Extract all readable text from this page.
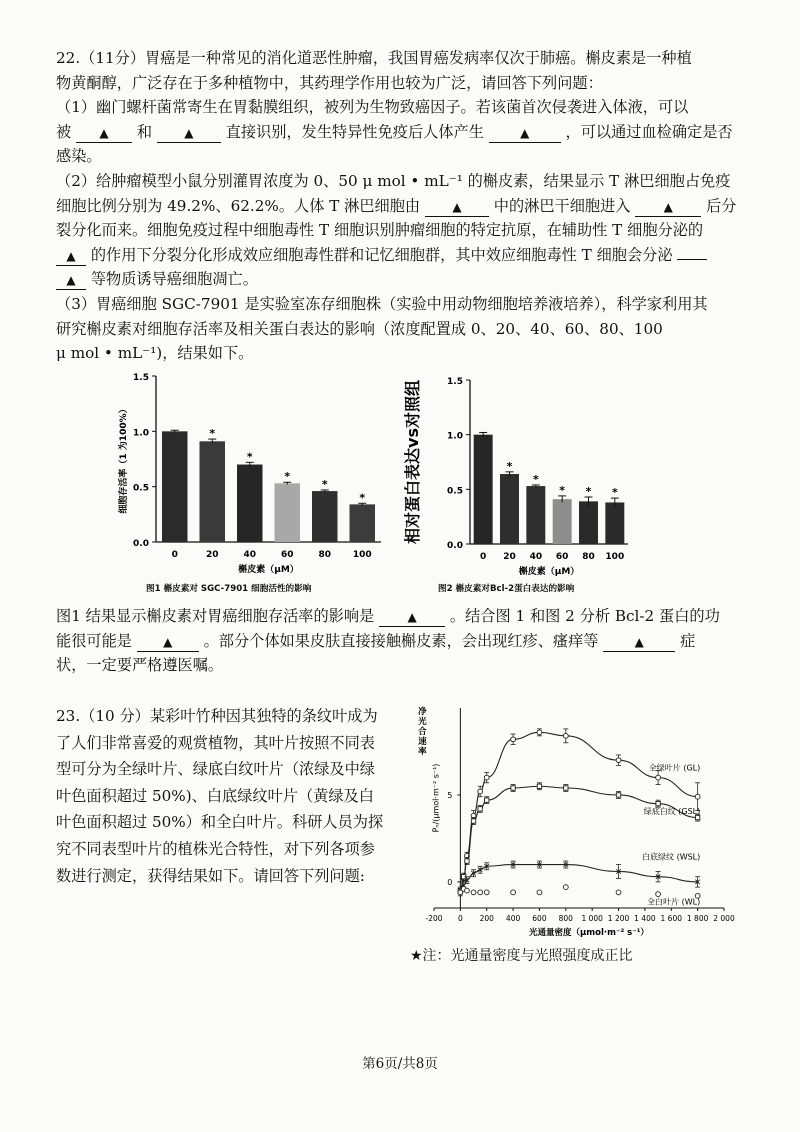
22.（11分）胃癌是一种常见的消化道恶性肿瘤，我国胃癌发病率仅次于肺癌。槲皮素是一种植
物黄酮醇，广泛存在于多种植物中，其药理学作用也较为广泛，请回答下列问题：
（1）幽门螺杆菌常寄生在胃黏膜组织，被列为生物致癌因子。若该菌首次侵袭进入体液，可以
被 ▲ 和	▲ 直接识别，发生特异性免疫后人体产生	▲ ，可以通过血检确定是否
感染。
（2）给肿瘤模型小鼠分别灌胃浓度为 0、50 μ mol • mL⁻¹ 的槲皮素，结果显示 T 淋巴细胞占免疫
细胞比例分别为 49.2%、62.2%。人体 T 淋巴细胞由	▲ 中的淋巴干细胞进入	▲ 后分
裂分化而来。细胞免疫过程中细胞毒性 T 细胞识别肿瘤细胞的特定抗原，在辅助性 T 细胞分泌的
▲ 的作用下分裂分化形成效应细胞毒性群和记忆细胞群，其中效应细胞毒性 T 细胞会分泌
▲ 等物质诱导癌细胞凋亡。
（3）胃癌细胞 SGC-7901 是实验室冻存细胞株（实验中用动物细胞培养液培养），科学家利用其
研究槲皮素对细胞存活率及相关蛋白表达的影响（浓度配置成 0、20、40、60、80、100
μ mol • mL⁻¹)，结果如下。
0.0
0.5
1.0
1.5
0
*
20
*
40
*
60
*
80
*
100
槲皮素（μM）
细胞存活率（1 为100%）
图1 槲皮素对 SGC-7901 细胞活性的影响
0.0
0.5
1.0
1.5
0
*
20
*
40
*
60
*
80
*
100
槲皮素（μM）
相对蛋白表达vs对照组
图2 槲皮素对Bcl-2蛋白表达的影响
图1 结果显示槲皮素对胃癌细胞存活率的影响是	▲ 。结合图 1 和图 2 分析 Bcl-2 蛋白的功
能很可能是	▲ 。部分个体如果皮肤直接接触槲皮素，会出现红疹、瘙痒等	▲ 症
状，一定要严格遵医嘱。
23.（10 分）某彩叶竹种因其独特的条纹叶成为
了人们非常喜爱的观赏植物，其叶片按照不同表
型可分为全绿叶片、绿底白纹叶片（浓绿及中绿
叶色面积超过 50%)、白底绿纹叶片（黄绿及白
叶色面积超过 50%）和全白叶片。科研人员为探
究不同表型叶片的植株光合特性，对下列各项参
数进行测定，获得结果如下。请回答下列问题:
-200 0 200 400 600 800 1 000 1 200 1 400 1 600 1 800 2 000
0
5
光通量密度（μmol·m⁻² s⁻¹）
Pₙ/(μmol·m⁻² s⁻¹)
净光合速率
全绿叶片 (GL)
绿底白纹 (GSL)
白底绿纹 (WSL)
全白叶片 (WL)
★注：光通量密度与光照强度成正比
第6页/共8页
